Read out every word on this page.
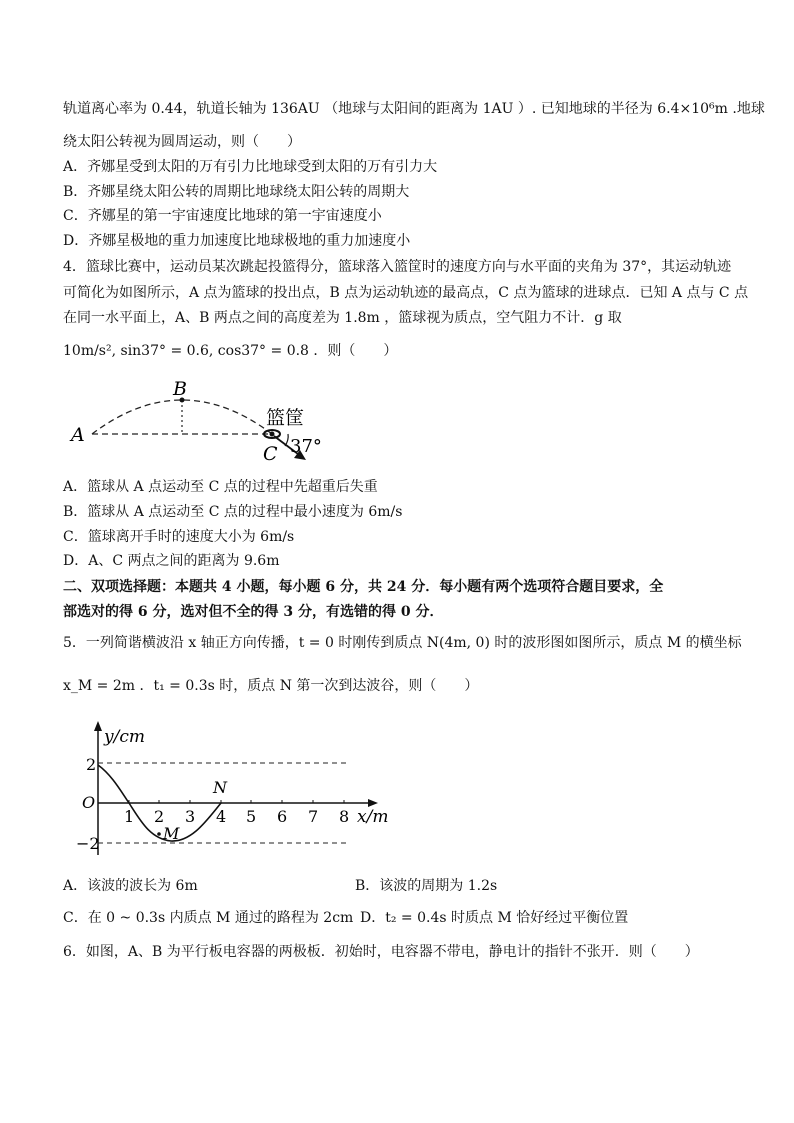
轨道离心率为 0.44，轨道长轴为 136AU （地球与太阳间的距离为 1AU ）. 已知地球的半径为 6.4×10⁶m .地球
绕太阳公转视为圆周运动，则（　　）
A．齐娜星受到太阳的万有引力比地球受到太阳的万有引力大
B．齐娜星绕太阳公转的周期比地球绕太阳公转的周期大
C．齐娜星的第一宇宙速度比地球的第一宇宙速度小
D．齐娜星极地的重力加速度比地球极地的重力加速度小
4．篮球比赛中，运动员某次跳起投篮得分，篮球落入篮筐时的速度方向与水平面的夹角为 37°，其运动轨迹
可简化为如图所示，A 点为篮球的投出点，B 点为运动轨迹的最高点，C 点为篮球的进球点．已知 A 点与 C 点
在同一水平面上，A、B 两点之间的高度差为 1.8m ，篮球视为质点，空气阻力不计．g 取
10m/s², sin37° = 0.6, cos37° = 0.8 ．则（　　）
A
B
C
篮筐
37°
A．篮球从 A 点运动至 C 点的过程中先超重后失重
B．篮球从 A 点运动至 C 点的过程中最小速度为 6m/s
C．篮球离开手时的速度大小为 6m/s
D．A、C 两点之间的距离为 9.6m
二、双项选择题：本题共 4 小题，每小题 6 分，共 24 分．每小题有两个选项符合题目要求，全
部选对的得 6 分，选对但不全的得 3 分，有选错的得 0 分．
5．一列简谐横波沿 x 轴正方向传播，t = 0 时刚传到质点 N(4m, 0) 时的波形图如图所示，质点 M 的横坐标
x_M = 2m ．t₁ = 0.3s 时，质点 N 第一次到达波谷，则（　　）
y/cm
x/m
O
2
−2
1 2 3 4 5 6 7 8
N
M
A．该波的波长为 6m	B．该波的周期为 1.2s
C．在 0 ~ 0.3s 内质点 M 通过的路程为 2cm D．t₂ = 0.4s 时质点 M 恰好经过平衡位置
6．如图，A、B 为平行板电容器的两极板．初始时，电容器不带电，静电计的指针不张开．则（　　）
